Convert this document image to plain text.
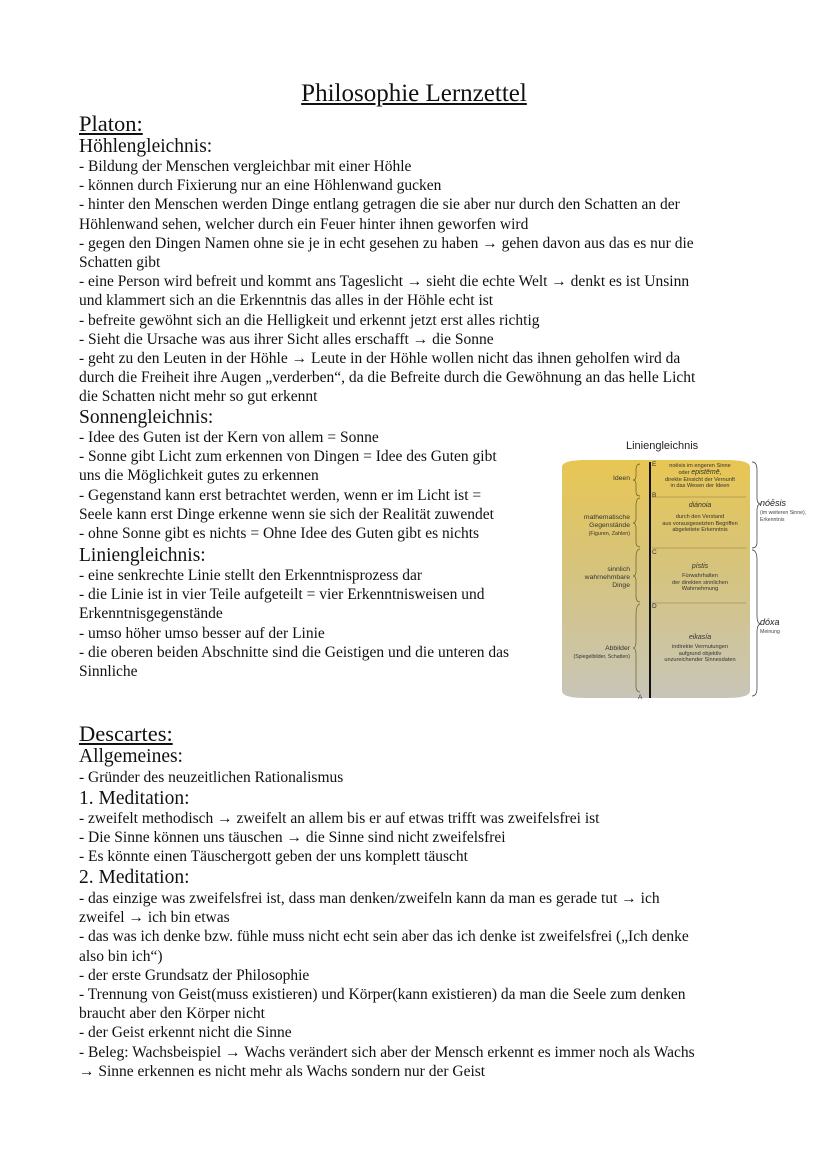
Philosophie Lernzettel
Platon:
Höhlengleichnis:

- Bildung der Menschen vergleichbar mit einer Höhle

- können durch Fixierung nur an eine Höhlenwand gucken

- hinter den Menschen werden Dinge entlang getragen die sie aber nur durch den Schatten an der

Höhlenwand sehen, welcher durch ein Feuer hinter ihnen geworfen wird

- gegen den Dingen Namen ohne sie je in echt gesehen zu haben → gehen davon aus das es nur die

Schatten gibt

- eine Person wird befreit und kommt ans Tageslicht → sieht die echte Welt → denkt es ist Unsinn

und klammert sich an die Erkenntnis das alles in der Höhle echt ist

- befreite gewöhnt sich an die Helligkeit und erkennt jetzt erst alles richtig

- Sieht die Ursache was aus ihrer Sicht alles erschafft → die Sonne

- geht zu den Leuten in der Höhle → Leute in der Höhle wollen nicht das ihnen geholfen wird da

durch die Freiheit ihre Augen „verderben“, da die Befreite durch die Gewöhnung an das helle Licht

die Schatten nicht mehr so gut erkennt

Sonnengleichnis:

- Idee des Guten ist der Kern von allem = Sonne

- Sonne gibt Licht zum erkennen von Dingen = Idee des Guten gibt

uns die Möglichkeit gutes zu erkennen

- Gegenstand kann erst betrachtet werden, wenn er im Licht ist =

Seele kann erst Dinge erkenne wenn sie sich der Realität zuwendet

- ohne Sonne gibt es nichts = Ohne Idee des Guten gibt es nichts

Liniengleichnis:

- eine senkrechte Linie stellt den Erkenntnisprozess dar

- die Linie ist in vier Teile aufgeteilt = vier Erkenntnisweisen und

Erkenntnisgegenstände

- umso höher umso besser auf der Linie

- die oberen beiden Abschnitte sind die Geistigen und die unteren das

Sinnliche

Liniengleichnis
E
B
C
D
A
Ideen
mathematische
Gegenstände
(Figuren, Zahlen)
sinnlich
wahrnehmbare
Dinge
Abbilder
(Spiegelbilder, Schatten)
noēsis im engeren Sinne
oder epistēmē,
direkte Einsicht der Vernunft
in das Wesen der Ideen
diánoia
durch den Verstand
aus vorausgesetzten Begriffen
abgeleitete Erkenntnis
pístis
Fürwahrhalten
der direkten sinnlichen
Wahrnehmung
eikasía
indirekte Vermutungen
aufgrund objektiv
unzureichender Sinnesdaten
nóēsis
(im weiteren Sinne),
Erkenntnis
dóxa
Meinung
Descartes:
Allgemeines:

- Gründer des neuzeitlichen Rationalismus

1. Meditation:

- zweifelt methodisch → zweifelt an allem bis er auf etwas trifft was zweifelsfrei ist

- Die Sinne können uns täuschen → die Sinne sind nicht zweifelsfrei

- Es könnte einen Täuschergott geben der uns komplett täuscht

2. Meditation:

- das einzige was zweifelsfrei ist, dass man denken/zweifeln kann da man es gerade tut → ich

zweifel → ich bin etwas

- das was ich denke bzw. fühle muss nicht echt sein aber das ich denke ist zweifelsfrei („Ich denke

also bin ich“)

- der erste Grundsatz der Philosophie

- Trennung von Geist(muss existieren) und Körper(kann existieren) da man die Seele zum denken

braucht aber den Körper nicht

- der Geist erkennt nicht die Sinne

- Beleg: Wachsbeispiel → Wachs verändert sich aber der Mensch erkennt es immer noch als Wachs

→ Sinne erkennen es nicht mehr als Wachs sondern nur der Geist
